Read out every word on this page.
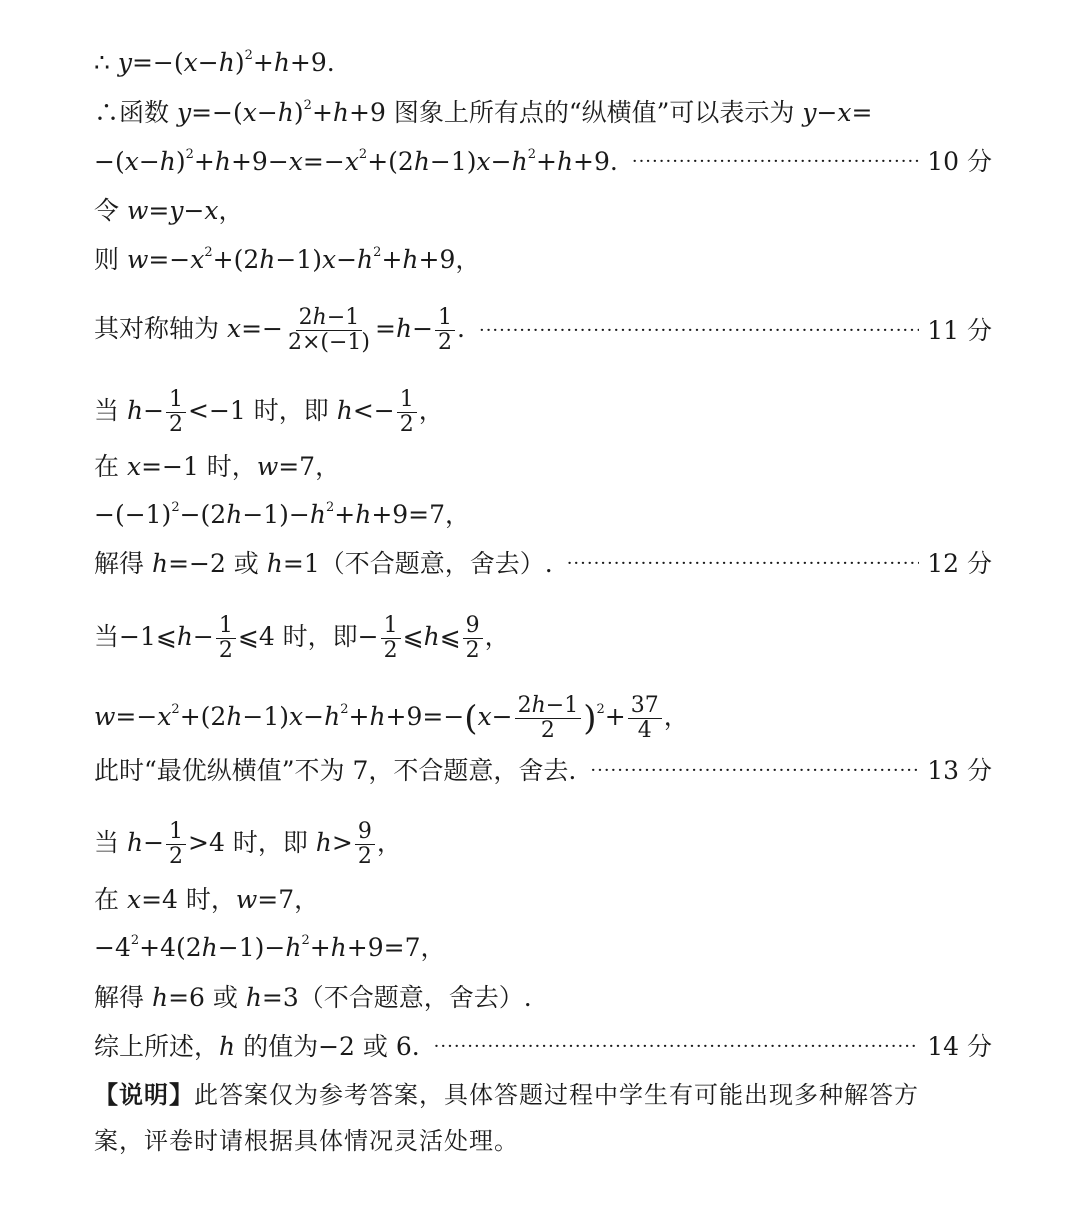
∴ $y=-(x-h)^2+h+9$.
∴函数 $y=-(x-h)^2+h+9$ 图象上所有点的“纵横值”可以表示为 y−x=
$-(x-h)^2+h+9-x=-x^2+(2h-1)x-h^2+h+9$. ·····	10 分
令 w=y−x，
则 $w=-x^2+(2h-1)x-h^2+h+9$，
其对称轴为 $x=- \frac{2h-1}{2\times(-1)} =h- \frac{1}{2}$ . ·····	11 分
当 $h- \frac{1}{2} <-1$ 时，即 $h<- \frac{1}{2}$ ，
在 x=−1 时，w=7，
$-(-1)^2-(2h-1)-h^2+h+9=7$，
解得 h=−2 或 h=1（不合题意，舍去）. ·····	12 分
当−1⩽h− $\frac{1}{2}$ ⩽4 时，即− $\frac{1}{2}$ ⩽h⩽ $\frac{9}{2}$ ，
$w=-x^2+(2h-1)x-h^2+h+9=-(x- \frac{2h-1}{2} )^2+ \frac{37}{4}$ ，
此时“最优纵横值”不为 7，不合题意，舍去. ·····	13 分
当 $h- \frac{1}{2} >4$ 时，即 $h> \frac{9}{2}$ ，
在 x=4 时，w=7，
$-4^2+4(2h-1)-h^2+h+9=7$，
解得 h=6 或 h=3（不合题意，舍去）.
综上所述，h 的值为−2 或 6. ·····	14 分
【说明】此答案仅为参考答案，具体答题过程中学生有可能出现多种解答方
案，评卷时请根据具体情况灵活处理。
